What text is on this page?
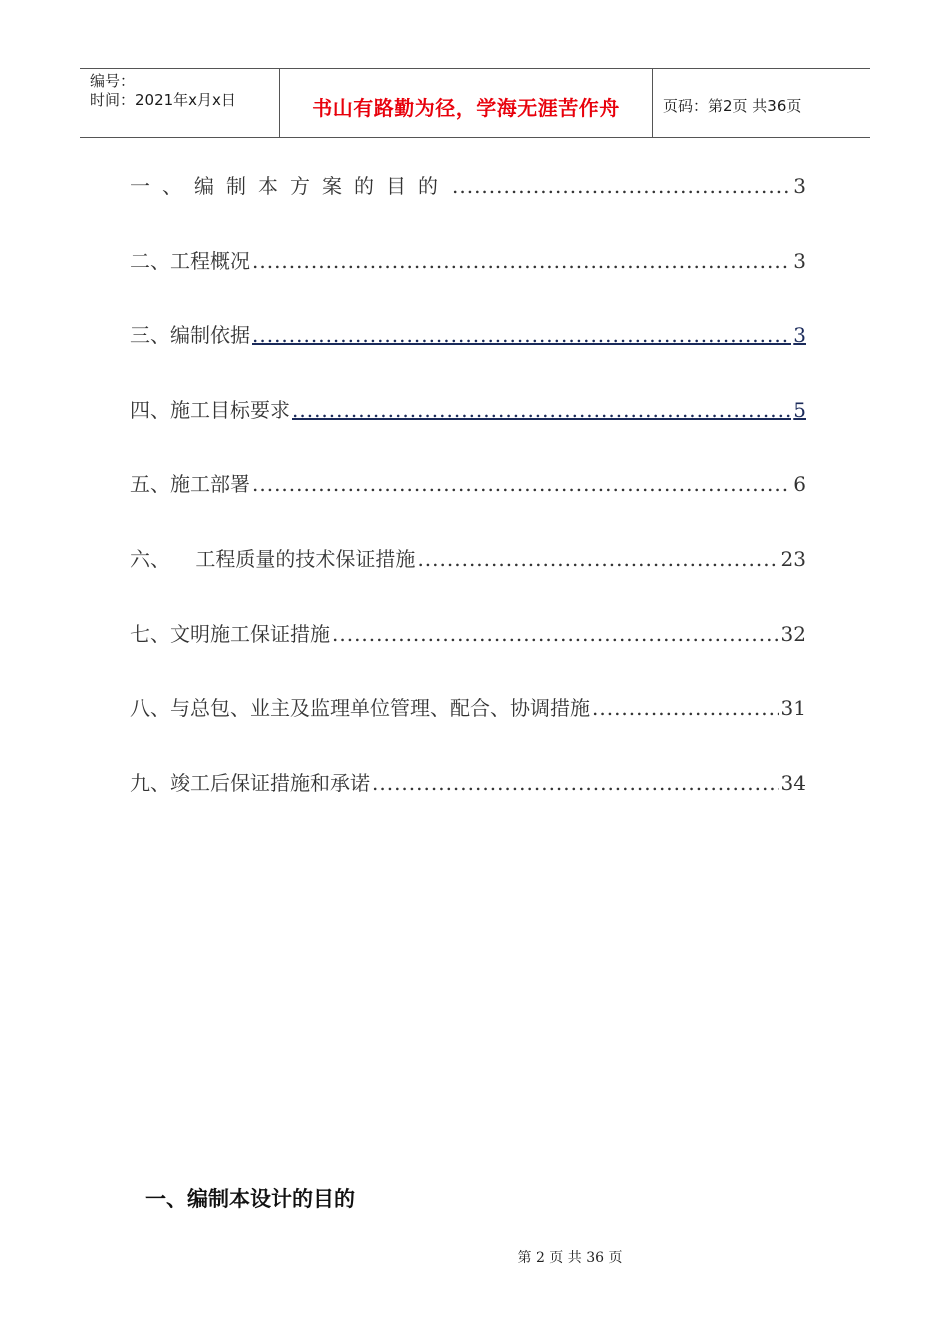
编号：
时间：2021年x月x日	书山有路勤为径，学海无涯苦作舟	页码：第2页 共36页
一、编制本方案的目的 .....	3
二、工程概况 .....	3
三、编制依据 .....	3
四、施工目标要求 .....	5
五、施工部署 .....	6
六、    工程质量的技术保证措施 .....	23
七、文明施工保证措施 .....	32
八、与总包、业主及监理单位管理、配合、协调措施 .....	31
九、竣工后保证措施和承诺 .....	34
一、编制本设计的目的
第 2 页 共 36 页
